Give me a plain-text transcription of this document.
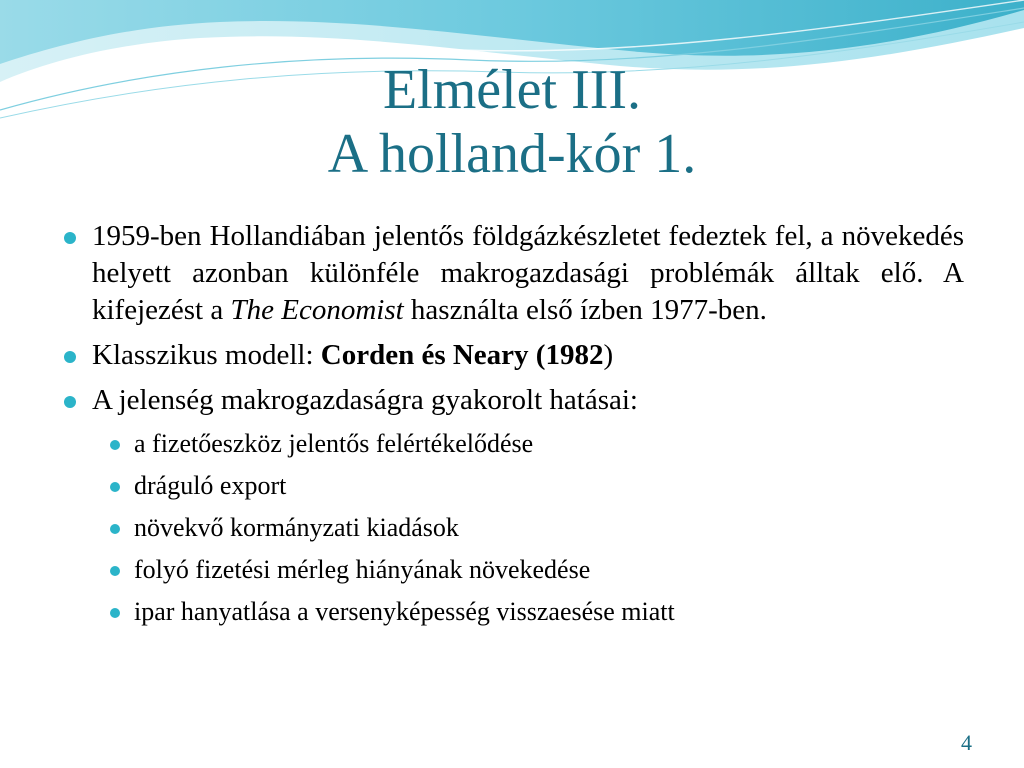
Elmélet III.
A holland-kór 1.
1959-ben Hollandiában jelentős földgázkészletet fedeztek fel, a növekedés helyett azonban különféle makrogazdasági problémák álltak elő. A kifejezést a The Economist használta első ízben 1977-ben.
Klasszikus modell: Corden és Neary (1982)
A jelenség makrogazdaságra gyakorolt hatásai:
a fizetőeszköz jelentős felértékelődése
dráguló export
növekvő kormányzati kiadások
folyó fizetési mérleg hiányának növekedése
ipar hanyatlása a versenyképesség visszaesése miatt
4
